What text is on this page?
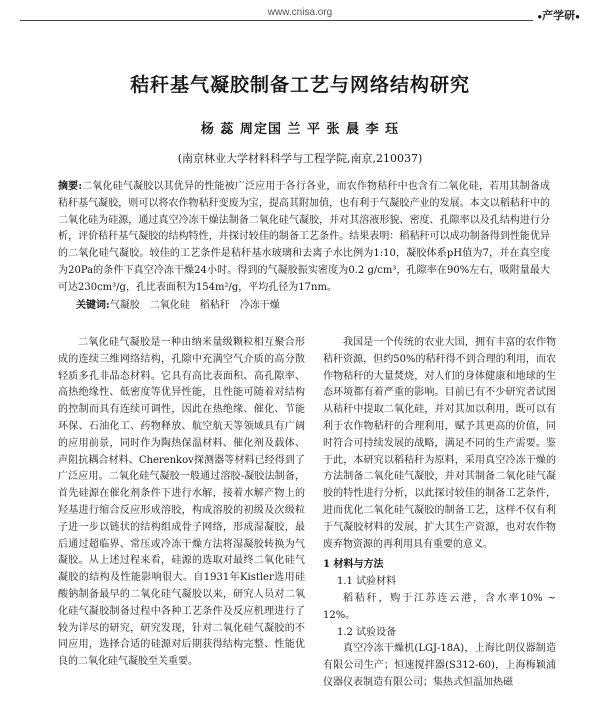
www.cnisa.org	●产学研●
秸秆基气凝胶制备工艺与网络结构研究

杨 蕊 周定国 兰 平 张 晨 李 珏

(南京林业大学材料科学与工程学院,南京,210037)

摘要:二氧化硅气凝胶以其优异的性能被广泛应用于各行各业，而农作物秸秆中也含有二氧化硅，若用其制备成秸秆基气凝胶，则可以将农作物秸秆变废为宝，提高其附加值，也有利于气凝胶产业的发展。本文以稻秸秆中的二氧化硅为硅源，通过真空冷冻干燥法制备二氧化硅气凝胶，并对其溶液形貌、密度、孔隙率以及孔结构进行分析，评价秸秆基气凝胶的结构特性，并探讨较佳的制备工艺条件。结果表明：稻秸秆可以成功制备得到性能优异的二氧化硅气凝胶。较佳的工艺条件是秸秆基水玻璃和去离子水比例为1:10，凝胶体系pH值为7，并在真空度为20Pa的条件下真空冷冻干燥24小时。得到的气凝胶振实密度为0.2 g/cm³，孔隙率在90%左右，吸附量最大可达230cm³/g，孔比表面积为154m²/g，平均孔径为17nm。

关键词:气凝胶 二氧化硅 稻秸秆 冷冻干燥

二氧化硅气凝胶是一种由纳米量级颗粒相互聚合形成的连续三维网络结构，孔隙中充满空气介质的高分散轻质多孔非晶态材料。它具有高比表面积、高孔隙率、高热绝缘性、低密度等优异性能，且性能可随着对结构的控制而具有连续可调性，因此在热绝缘、催化、节能环保、石油化工、药物释放、航空航天等领域具有广阔的应用前景，同时作为陶热保温材料、催化剂及载体、声阻抗耦合材料、Cherenkov探测器等材料已经得到了广泛应用。二氧化硅气凝胶一般通过溶胶-凝胶法制备，首先硅源在催化剂条件下进行水解，接着水解产物上的羟基进行缩合反应形成溶胶，构成溶胶的初级及次级粒子进一步以链状的结构组成骨子网络，形成湿凝胶，最后通过超临界、常压或冷冻干燥方法将湿凝胶转换为气凝胶。从上述过程来看，硅源的选取对最终二氧化硅气凝胶的结构及性能影响很大。自1931年Kistler选用硅酸钠制备最早的二氧化硅气凝胶以来，研究人员对二氧化硅气凝胶制备过程中各种工艺条件及反应机理进行了较为详尽的研究，研究发现，针对二氧化硅气凝胶的不同应用，选择合适的硅源对后期获得结构完整、性能优良的二氧化硅气凝胶至关重要。

我国是一个传统的农业大国，拥有丰富的农作物秸秆资源，但约50%的秸秆得不到合理的利用，而农作物秸秆的大量焚烧，对人们的身体健康和地球的生态环境都有着严重的影响。目前已有不少研究者试图从秸秆中提取二氧化硅，并对其加以利用，既可以有利于农作物秸秆的合理利用，赋予其更高的价值，同时符合可持续发展的战略，满足不同的生产需要。鉴于此，本研究以稻秸秆为原料，采用真空冷冻干燥的方法制备二氧化硅气凝胶，并对其制备二氧化硅气凝胶的特性进行分析，以此探讨较佳的制备工艺条件，进而优化二氧化硅气凝胶的制备工艺，这样不仅有利于气凝胶材料的发展，扩大其生产资源，也对农作物废弃物资源的再利用具有重要的意义。

1 材料与方法

1.1 试验材料

稻秸秆，购于江苏连云港，含水率10% ~ 12%。

1.2 试验设备

真空冷冻干燥机(LGJ-18A)，上海比朗仪器制造有限公司生产；恒速搅拌器(S312-60)，上海梅颖浦仪器仪表制造有限公司；集热式恒温加热磁
